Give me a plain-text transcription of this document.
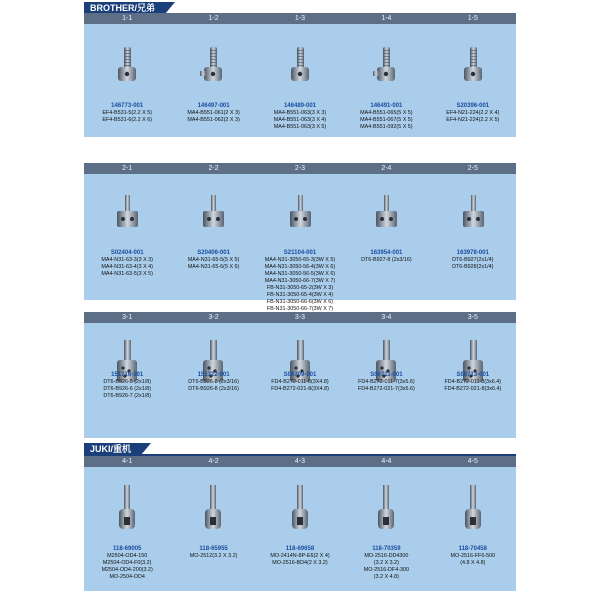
BROTHER/兄弟
1-1
146773-001
EF4-B531-5(2.2 X 5)
EF4-B531-6(2.2 X 6)
1-2
146497-001
MA4-B551-061(2 X 3)
MA4-B551-062(2 X 3)
1-3
146489-001
MA4-B551-063(3 X 3)
MA4-B551-063(3 X 4)
MA4-B551-063(3 X 5)
1-4
146491-001
MA4-B551-065(5 X 5)
MA4-B551-067(5 X 5)
MA4-B551-092(5 X 5)
1-5
S20396-001
EF4-N21-224(2.2 X 4)
EF4-N21-224(2.2 X 5)
2-1
S02404-001
MA4-N31-63-3(3 X 3)
MA4-N31-63-4(3 X 4)
MA4-N31-63-5(3 X 5)
2-2
S20406-001
MA4-N31-65-5(5 X 5)
MA4-N31-65-6(5 X 6)
2-3
S21104-001
MA4-N31-3050-65-3(3W X 5)
MA4-N31-3050-56-4(3W X 6)
MA4-N31-3050-56-5(3W X 6)
MA4-N31-3050-66-7(3W X 7)
FB-N31-3050-65-2(3W X 3)
FB-N31-3050-65-4(3W X 4)
FB-N31-3050-66-6(3W X 6)
FB-N31-3050-66-7(3W X 7)
2-4
163954-001
DT6-B927-8 (2x3/16)
2-5
163978-001
DT6-B927(2x1/4)
DT6-B928(2x1/4)
3-1
151716-001
DT6-B926-5 (2x1/8)
DT6-B926-6 (2x1/8)
DT6-B926-7 (2x1/8)
3-2
151722-001
DT6-B926-8 (2x3/16)
DT6-B926-8 (2x3/16)
3-3
S06709-001
FD4-B272-011-8(3X4.8)
FD4-B272-021-8(3X4.8)
3-4
S06711-001
FD4-B272-011-7(3x5.6)
FD4-B272-021-7(3x5.6)
3-5
S06713-001
FD4-B272-011-8(3x6.4)
FD4-B272-021-8(3x6.4)
JUKI/重机
4-1
118-69005
M2504-OD4-150
M2504-OD4-F0(3.2)
M2504-OD4-200(3.2)
MO-2504-OD4
4-2
118-65955
MO-2512(3.2 X 3.2)
4-3
118-69658
MO-2414N-8P-E6(2 X 4)
MO-2516-BD4(2 X 3.2)
4-4
118-70359
MO-2516-DD4300
(3.2 X 3.2)
MO-2516-DF4-300
(3.2 X 4.8)
4-5
118-70458
MO-2516-FF6-500
(4.8 X 4.8)
